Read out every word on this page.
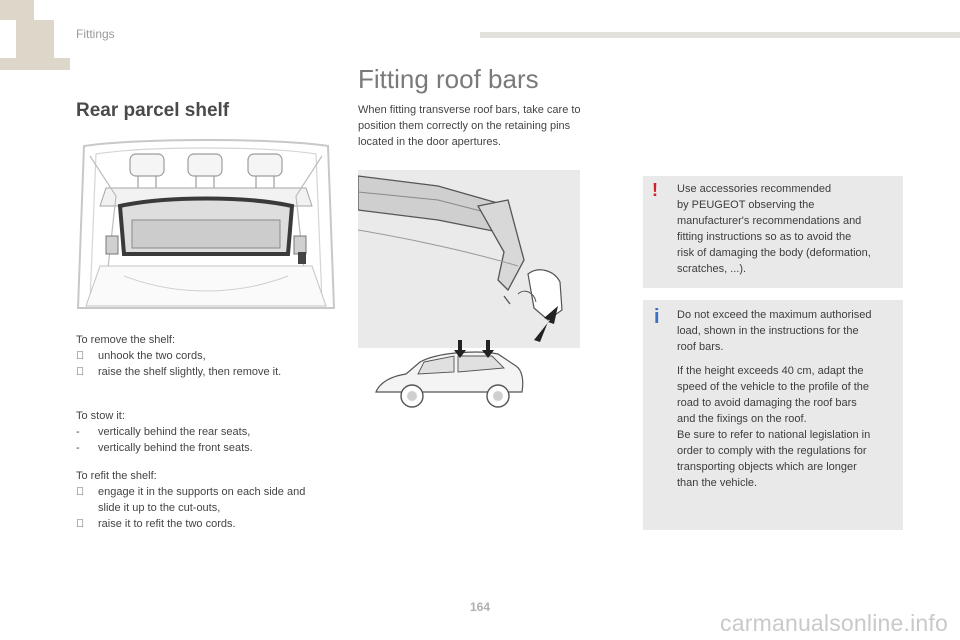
Fittings
Rear parcel shelf
To remove the shelf:
unhook the two cords,
raise the shelf slightly, then remove it.
To stow it:
-	vertically behind the rear seats,
-	vertically behind the front seats.
To refit the shelf:
engage it in the supports on each side and
slide it up to the cut-outs,
raise it to refit the two cords.
Fitting roof bars
When fitting transverse roof bars, take care to
position them correctly on the retaining pins
located in the door apertures.
! Use accessories recommended
by PEUGEOT observing the
manufacturer's recommendations and
fitting instructions so as to avoid the
risk of damaging the body (deformation,
scratches, ...).
i Do not exceed the maximum authorised
load, shown in the instructions for the
roof bars.
If the height exceeds 40 cm, adapt the
speed of the vehicle to the profile of the
road to avoid damaging the roof bars
and the fixings on the roof.
Be sure to refer to national legislation in
order to comply with the regulations for
transporting objects which are longer
than the vehicle.
164
carmanualsonline.info
